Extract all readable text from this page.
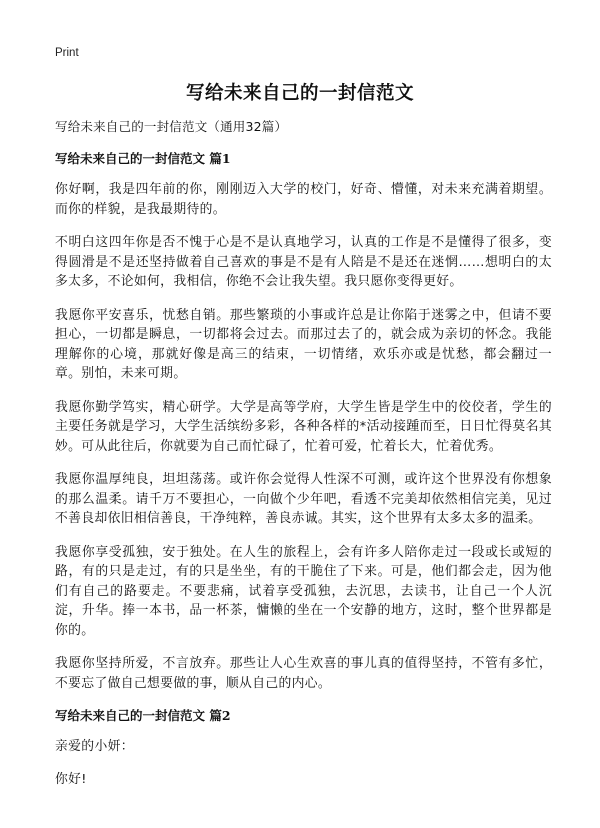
Print
写给未来自己的一封信范文

写给未来自己的一封信范文（通用32篇）

写给未来自己的一封信范文 篇1

你好啊，我是四年前的你，刚刚迈入大学的校门，好奇、懵懂，对未来充满着期望。而你的样貌，是我最期待的。

不明白这四年你是否不愧于心是不是认真地学习，认真的工作是不是懂得了很多，变得圆滑是不是还坚持做着自己喜欢的事是不是有人陪是不是还在迷惘……想明白的太多太多，不论如何，我相信，你绝不会让我失望。我只愿你变得更好。

我愿你平安喜乐，忧愁自销。那些繁琐的小事或许总是让你陷于迷雾之中，但请不要担心，一切都是瞬息，一切都将会过去。而那过去了的，就会成为亲切的怀念。我能理解你的心境，那就好像是高三的结束，一切情绪，欢乐亦或是忧愁，都会翻过一章。别怕，未来可期。

我愿你勤学笃实，精心研学。大学是高等学府，大学生皆是学生中的佼佼者，学生的主要任务就是学习，大学生活缤纷多彩，各种各样的*活动接踵而至，日日忙得莫名其妙。可从此往后，你就要为自己而忙碌了，忙着可爱，忙着长大，忙着优秀。

我愿你温厚纯良，坦坦荡荡。或许你会觉得人性深不可测，或许这个世界没有你想象的那么温柔。请千万不要担心，一向做个少年吧，看透不完美却依然相信完美，见过不善良却依旧相信善良，干净纯粹，善良赤诚。其实，这个世界有太多太多的温柔。

我愿你享受孤独，安于独处。在人生的旅程上，会有许多人陪你走过一段或长或短的路，有的只是走过，有的只是坐坐，有的干脆住了下来。可是，他们都会走，因为他们有自己的路要走。不要悲痛，试着享受孤独，去沉思，去读书，让自己一个人沉淀，升华。捧一本书，品一杯茶，慵懒的坐在一个安静的地方，这时，整个世界都是你的。

我愿你坚持所爱，不言放弃。那些让人心生欢喜的事儿真的值得坚持，不管有多忙，不要忘了做自己想要做的事，顺从自己的内心。

写给未来自己的一封信范文 篇2

亲爱的小妍：

你好!
